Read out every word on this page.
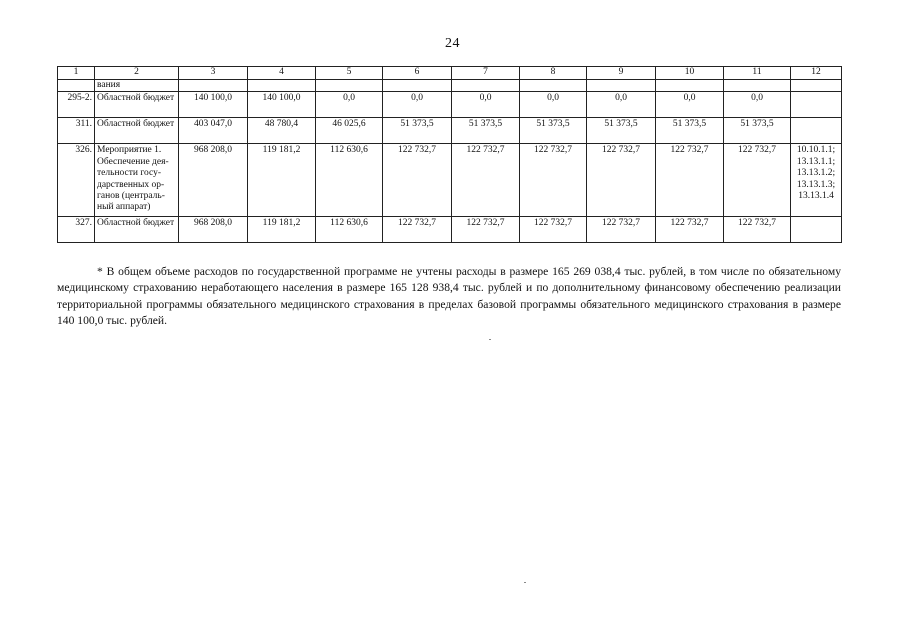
24
1	2	3	4	5	6	7	8	9	10	11	12
	вания										
295-2.	Областной бюджет	140 100,0	140 100,0	0,0	0,0	0,0	0,0	0,0	0,0	0,0	
311.	Областной бюджет	403 047,0	48 780,4	46 025,6	51 373,5	51 373,5	51 373,5	51 373,5	51 373,5	51 373,5	
326.	Мероприятие 1. Обеспечение дея-тельности госу-дарственных ор-ганов (централь-ный аппарат)	968 208,0	119 181,2	112 630,6	122 732,7	122 732,7	122 732,7	122 732,7	122 732,7	122 732,7	10.10.1.1;
13.13.1.1;
13.13.1.2;
13.13.1.3;
13.13.1.4
327.	Областной бюджет	968 208,0	119 181,2	112 630,6	122 732,7	122 732,7	122 732,7	122 732,7	122 732,7	122 732,7	

* В общем объеме расходов по государственной программе не учтены расходы в размере 165 269 038,4 тыс. рублей, в том числе по обязательному медицинскому страхованию неработающего населения в размере 165 128 938,4 тыс. рублей и по дополнительному финансовому обеспечению реализации территориальной программы обязательного медицинского страхования в пределах базовой программы обязательного медицинского страхования в размере 140 100,0 тыс. рублей.
